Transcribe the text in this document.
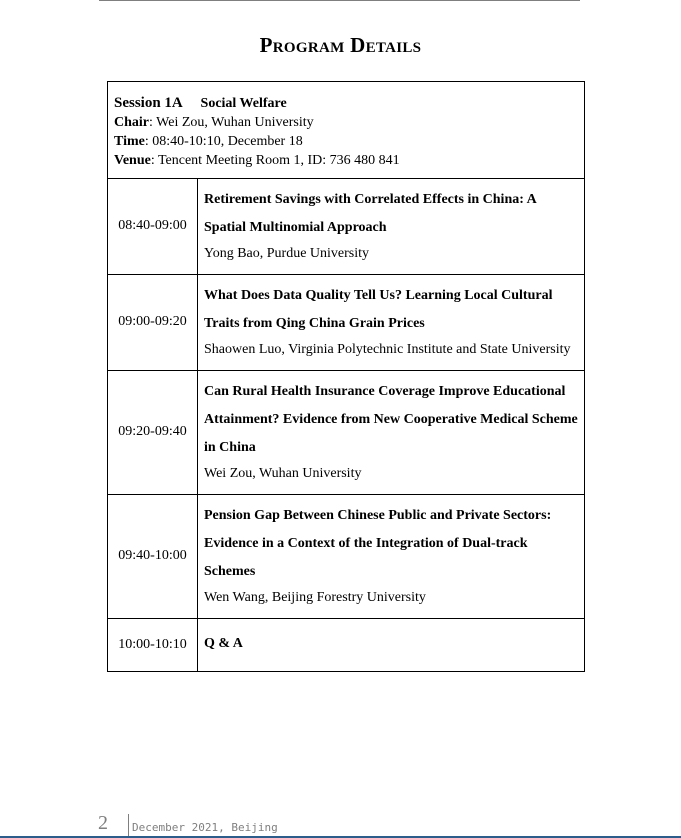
Program Details
Session 1A Social Welfare
Chair: Wei Zou, Wuhan University
Time: 08:40-10:10, December 18
Venue: Tencent Meeting Room 1, ID: 736 480 841	

08:40-09:00	Retirement Savings with Correlated Effects in China: A Spatial Multinomial Approach
Yong Bao, Purdue University

09:00-09:20	What Does Data Quality Tell Us? Learning Local Cultural Traits from Qing China Grain Prices
Shaowen Luo, Virginia Polytechnic Institute and State University

09:20-09:40	Can Rural Health Insurance Coverage Improve Educational Attainment? Evidence from New Cooperative Medical Scheme in China
Wei Zou, Wuhan University

09:40-10:00	Pension Gap Between Chinese Public and Private Sectors: Evidence in a Context of the Integration of Dual-track Schemes
Wen Wang, Beijing Forestry University

10:00-10:10	Q & A
2 December 2021, Beijing
